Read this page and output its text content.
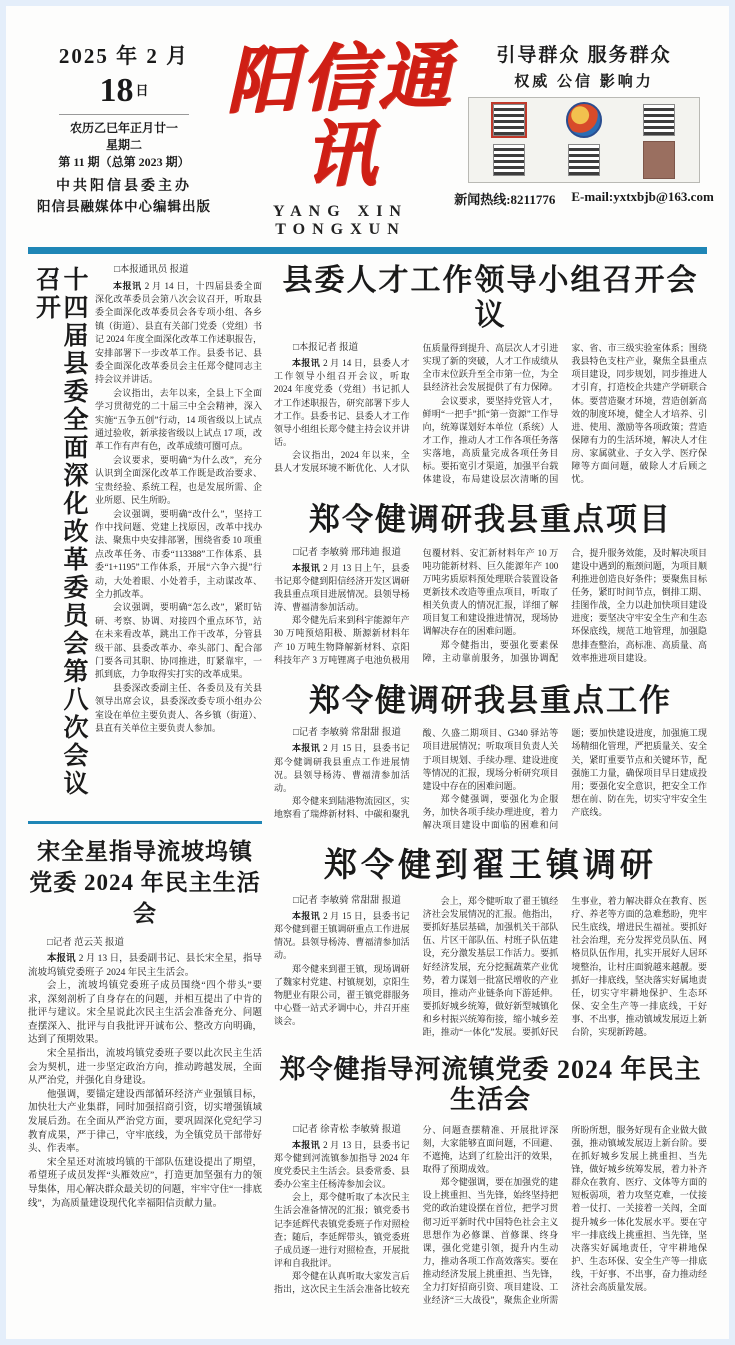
2025 年 2 月
18 $^日$
农历乙巳年正月廿一
星期二
第 11 期（总第 2023 期）
中共阳信县委主办
阳信县融媒体中心编辑出版
阳信通讯
YANG XIN TONGXUN
引导群众 服务群众
权威 公信 影响力
新闻热线:8211776 E-mail:yxtxbjb@163.com
十四届县委全面深化改革委员会第八次会议召开	□本报通讯员 报道

本报讯 2 月 14 日，十四届县委全面深化改革委员会第八次会议召开，听取县委全面深化改革委员会各专项小组、各乡镇（街道）、县直有关部门党委（党组）书记 2024 年度全面深化改革工作述职报告，安排部署下一步改革工作。县委书记、县委全面深化改革委员会主任郑令健同志主持会议并讲话。

会议指出，去年以来，全县上下全面学习贯彻党的二十届三中全会精神，深入实施“五争五创”行动，14 项省级以上试点通过验收，新承接省级以上试点 17 项，改革工作有声有色，改革成绩可圈可点。

会议要求，要明确“为什么改”，充分认识到全面深化改革工作既是政治要求、宝贵经验、系统工程，也是发展所需、企业所愿、民生所盼。

会议强调，要明确“改什么”，坚持工作中找问题、党建上找原因，改革中找办法、聚焦中央安排部署，围绕省委 10 项重点改革任务、市委“113388”工作体系、县委“1+1195”工作体系，开展“六争六提”行动，大处着眼、小处着手，主动谋改革、全力抓改革。

会议强调，要明确“怎么改”，紧盯钻研、考察、协调、对接四个重点环节，站在未来看改革，跳出工作干改革，分管县级干部、县委改革办、牵头部门、配合部门要各司其职、协同推进，盯紧靠牢，一抓到底，力争取得实打实的改革成果。

县委深改委副主任、各委员及有关县领导出席会议，县委深改委专项小组办公室设在单位主要负责人、各乡镇（街道）、县直有关单位主要负责人参加。

宋全星指导流坡坞镇
党委 2024 年民主生活会

□记者 范云芙 报道

本报讯 2 月 13 日，县委副书记、县长宋全星，指导流坡坞镇党委班子 2024 年民主生活会。

会上，流坡坞镇党委班子成员围绕“四个带头”要求，深刻剖析了自身存在的问题，并相互提出了中肯的批评与建议。宋全星说此次民主生活会准备充分、问题查摆深入、批评与自我批评开诚布公、整改方向明确，达到了预期效果。

宋全星指出，流坡坞镇党委班子要以此次民主生活会为契机，进一步坚定政治方向，推动跨越发展，全面从严治党，并强化自身建设。

他强调，要锚定建设西部循环经济产业强镇目标，加快壮大产业集群，同时加强招商引资，切实增强镇域发展后劲。在全面从严治党方面，要巩固深化党纪学习教育成果，严于律己，守牢底线，为全镇党员干部带好头、作表率。

宋全星还对流坡坞镇的干部队伍建设提出了期望，希望班子成员发挥“头雁效应”，打造更加坚强有力的领导集体，用心解决群众最关切的问题，牢牢守住“一排底线”，为高质量建设现代化幸福阳信贡献力量。

县委人才工作领导小组召开会议

□本报记者 报道

本报讯 2 月 14 日，县委人才工作领导小组召开会议，听取 2024 年度党委（党组）书记抓人才工作述职报告，研究部署下步人才工作。县委书记、县委人才工作领导小组组长郑令健主持会议并讲话。

会议指出，2024 年以来，全县人才发展环境不断优化、人才队伍质量得到提升、高层次人才引进实现了新的突破，人才工作成绩从全市末位跃升至全市第一位，为全县经济社会发展提供了有力保障。

会议要求，要坚持党管人才，鲜明“一把手”抓“第一资源”工作导向，统筹谋划好本单位（系统）人才工作，推动人才工作各项任务落实落地，高质量完成各项任务目标。要拓宽引才渠道，加强平台载体建设，布局建设层次清晰的国家、省、市三级实验室体系；围绕我县特色支柱产业，聚焦全县重点项目建设，同步规划，同步推进人才引育，打造校企共建产学研联合体。要营造聚才环境，营造创新高效的制度环境，健全人才培养、引进、使用、激励等各项政策；营造保障有力的生活环境，解决人才住房、家属就业、子女入学、医疗保障等方面问题，破除人才后顾之忧。

郑令健调研我县重点项目

□记者 李敏骑 邢玮迪 报道

本报讯 2 月 13 日上午，县委书记郑令健到阳信经济开发区调研我县重点项目进展情况。县领导杨涛、曹福清参加活动。

郑令健先后来到科宇能源年产 30 万吨预焙阳极、斯源新材料年产 10 万吨生物降解新材料、京阳科技年产 3 万吨锂离子电池负极用包覆材料、安汇新材料年产 10 万吨功能新材料、巨久能源年产 100 万吨劣质原料预处理联合装置设备更新技术改造等重点项目，听取了相关负责人的情况汇报，详细了解项目复工和建设推进情况，现场协调解决存在的困难问题。

郑令健指出，要强化要素保障，主动靠前服务，加强协调配合，提升服务效能，及时解决项目建设中遇到的瓶颈问题，为项目顺利推进创造良好条件；要聚焦目标任务，紧盯时间节点，倒排工期、挂图作战，全力以赴加快项目建设进度；要坚决守牢安全生产和生态环保底线，规范工地管理，加强隐患排查整治，高标准、高质量、高效率推进项目建设。

郑令健调研我县重点工作

□记者 李敏骑 常甜甜 报道

本报讯 2 月 15 日，县委书记郑令健调研我县重点工作进展情况。县领导杨涛、曹福清参加活动。

郑令健来到陆港物流园区，实地察看了瑞烨新材料、中碳和聚乳酸、久盛二期项目、G340 驿站等项目进展情况；听取项目负责人关于项目规划、手续办理、建设进度等情况的汇报，现场分析研究项目建设中存在的困难问题。

郑令健强调，要强化为企服务，加快各项手续办理进度，着力解决项目建设中面临的困难和问题；要加快建设进度，加强施工现场精细化管理，严把质量关、安全关，紧盯重要节点和关键环节，配强施工力量，确保项目早日建成投用；要强化安全意识，把安全工作想在前、防在先，切实守牢安全生产底线。

郑令健到翟王镇调研

□记者 李敏骑 常甜甜 报道

本报讯 2 月 15 日，县委书记郑令健到翟王镇调研重点工作进展情况。县领导杨涛、曹福清参加活动。

郑令健来到翟王镇，现场调研了魏家村党建、村镇规划，京阳生物肥业有限公司，翟王镇党群服务中心暨一站式矛调中心，并召开座谈会。

会上，郑令健听取了翟王镇经济社会发展情况的汇报。他指出，要抓好基层基础，加强机关干部队伍、片区干部队伍、村班子队伍建设，充分激发基层工作活力。要抓好经济发展，充分挖掘蔬菜产业优势，着力谋划一批富民增收的产业项目，推动产业链条向下游延伸。要抓好城乡统筹，做好新型城镇化和乡村振兴统筹衔接，缩小城乡差距，推动“一体化”发展。要抓好民生事业，着力解决群众在教育、医疗、养老等方面的急难愁盼，兜牢民生底线，增进民生福祉。要抓好社会治理，充分发挥党员队伍、网格员队伍作用，扎实开展好人居环境整治，让村庄面貌越来越靓。要抓好一排底线，坚决落实好属地责任，切实守牢耕地保护、生态环保、安全生产等一排底线，干好事、不出事，推动镇域发展迈上新台阶，实现新跨越。

郑令健指导河流镇党委 2024 年民主生活会

□记者 徐青松 李敏骑 报道

本报讯 2 月 13 日，县委书记郑令健到河流镇参加指导 2024 年度党委民主生活会。县委常委、县委办公室主任杨涛参加会议。

会上，郑令健听取了本次民主生活会准备情况的汇报；镇党委书记李延辉代表镇党委班子作对照检查；随后，李延辉带头，镇党委班子成员逐一进行对照检查，开展批评和自我批评。

郑令健在认真听取大家发言后指出，这次民主生活会准备比较充分、问题查摆精准、开展批评深刻，大家能够直面问题，不回避、不遮掩，达到了红脸出汗的效果，取得了预期成效。

郑令健强调，要在加强党的建设上挑重担、当先锋，始终坚持把党的政治建设摆在首位，把学习贯彻习近平新时代中国特色社会主义思想作为必修课、首修课、终身课，强化党建引领，提升内生动力，推动各项工作高效落实。要在推动经济发展上挑重担、当先锋，全力打好招商引资、项目建设、工业经济“三大战役”，聚焦企业所需所盼所想，服务好现有企业做大做强，推动镇域发展迈上新台阶。要在抓好城乡发展上挑重担、当先锋，做好城乡统筹发展，着力补齐群众在教育、医疗、文体等方面的短板弱项，着力攻坚克难，一仗接着一仗打、一关接着一关闯，全面提升城乡一体化发展水平。要在守牢一排底线上挑重担、当先锋，坚决落实好属地责任，守牢耕地保护、生态环保、安全生产等一排底线，干好事、不出事，奋力推动经济社会高质量发展。
